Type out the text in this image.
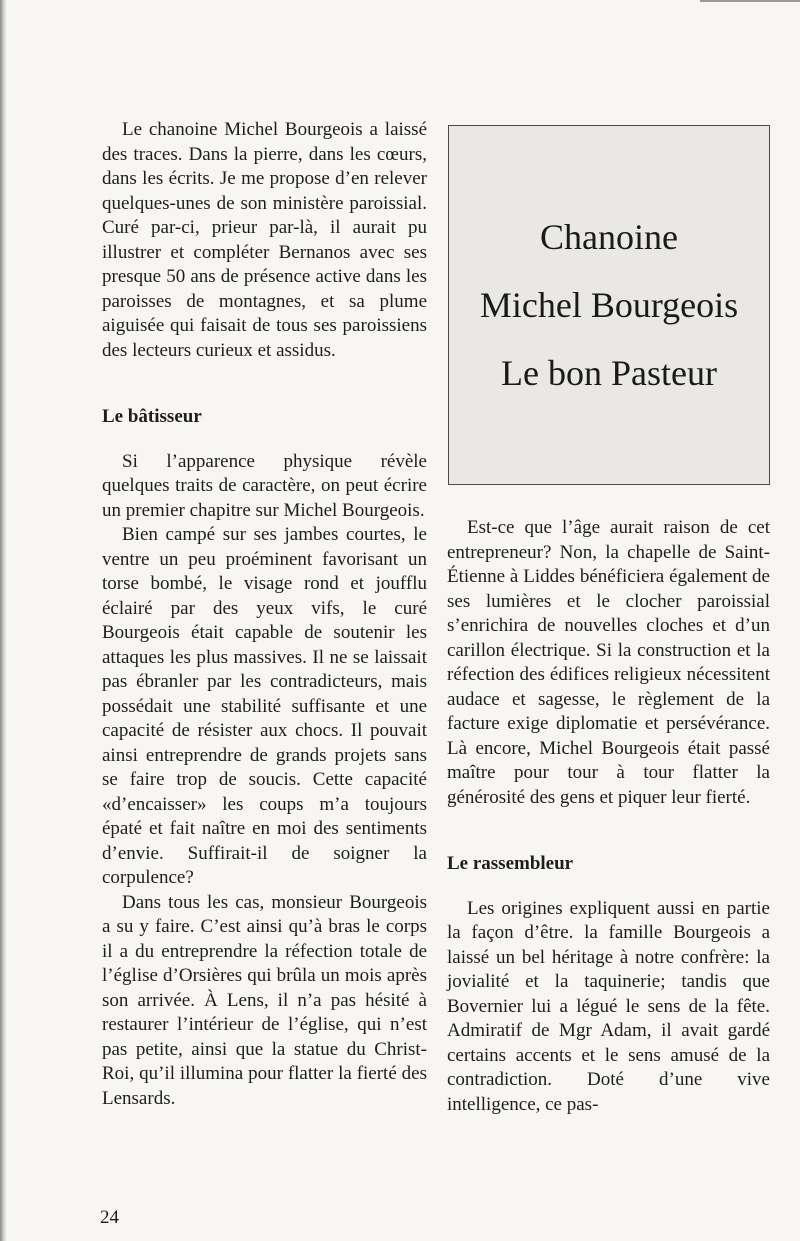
Le chanoine Michel Bourgeois a laissé des traces. Dans la pierre, dans les cœurs, dans les écrits. Je me propose d’en relever quelques-unes de son ministère paroissial. Curé par-ci, prieur par-là, il aurait pu illustrer et compléter Bernanos avec ses presque 50 ans de présence active dans les paroisses de montagnes, et sa plume aiguisée qui faisait de tous ses paroissiens des lecteurs curieux et assidus.

Le bâtisseur

Si l’apparence physique révèle quelques traits de caractère, on peut écrire un premier chapitre sur Michel Bourgeois.

Bien campé sur ses jambes courtes, le ventre un peu proéminent favorisant un torse bombé, le visage rond et joufflu éclairé par des yeux vifs, le curé Bourgeois était capable de soutenir les attaques les plus massives. Il ne se laissait pas ébranler par les contradicteurs, mais possédait une stabilité suffisante et une capacité de résister aux chocs. Il pouvait ainsi entreprendre de grands projets sans se faire trop de soucis. Cette capacité «d’encaisser» les coups m’a toujours épaté et fait naître en moi des sentiments d’envie. Suffirait-il de soigner la corpulence?

Dans tous les cas, monsieur Bourgeois a su y faire. C’est ainsi qu’à bras le corps il a du entreprendre la réfection totale de l’église d’Orsières qui brûla un mois après son arrivée. À Lens, il n’a pas hésité à restaurer l’intérieur de l’église, qui n’est pas petite, ainsi que la statue du Christ-Roi, qu’il illumina pour flatter la fierté des Lensards.

Chanoine
Michel Bourgeois
Le bon Pasteur

Est-ce que l’âge aurait raison de cet entrepreneur? Non, la chapelle de Saint-Étienne à Liddes bénéficiera également de ses lumières et le clocher paroissial s’enrichira de nouvelles cloches et d’un carillon électrique. Si la construction et la réfection des édifices religieux nécessitent audace et sagesse, le règlement de la facture exige diplomatie et persévérance. Là encore, Michel Bourgeois était passé maître pour tour à tour flatter la générosité des gens et piquer leur fierté.

Le rassembleur

Les origines expliquent aussi en partie la façon d’être. la famille Bourgeois a laissé un bel héritage à notre confrère: la jovialité et la taquinerie; tandis que Bovernier lui a légué le sens de la fête. Admiratif de Mgr Adam, il avait gardé certains accents et le sens amusé de la contradiction. Doté d’une vive intelligence, ce pas-

24
